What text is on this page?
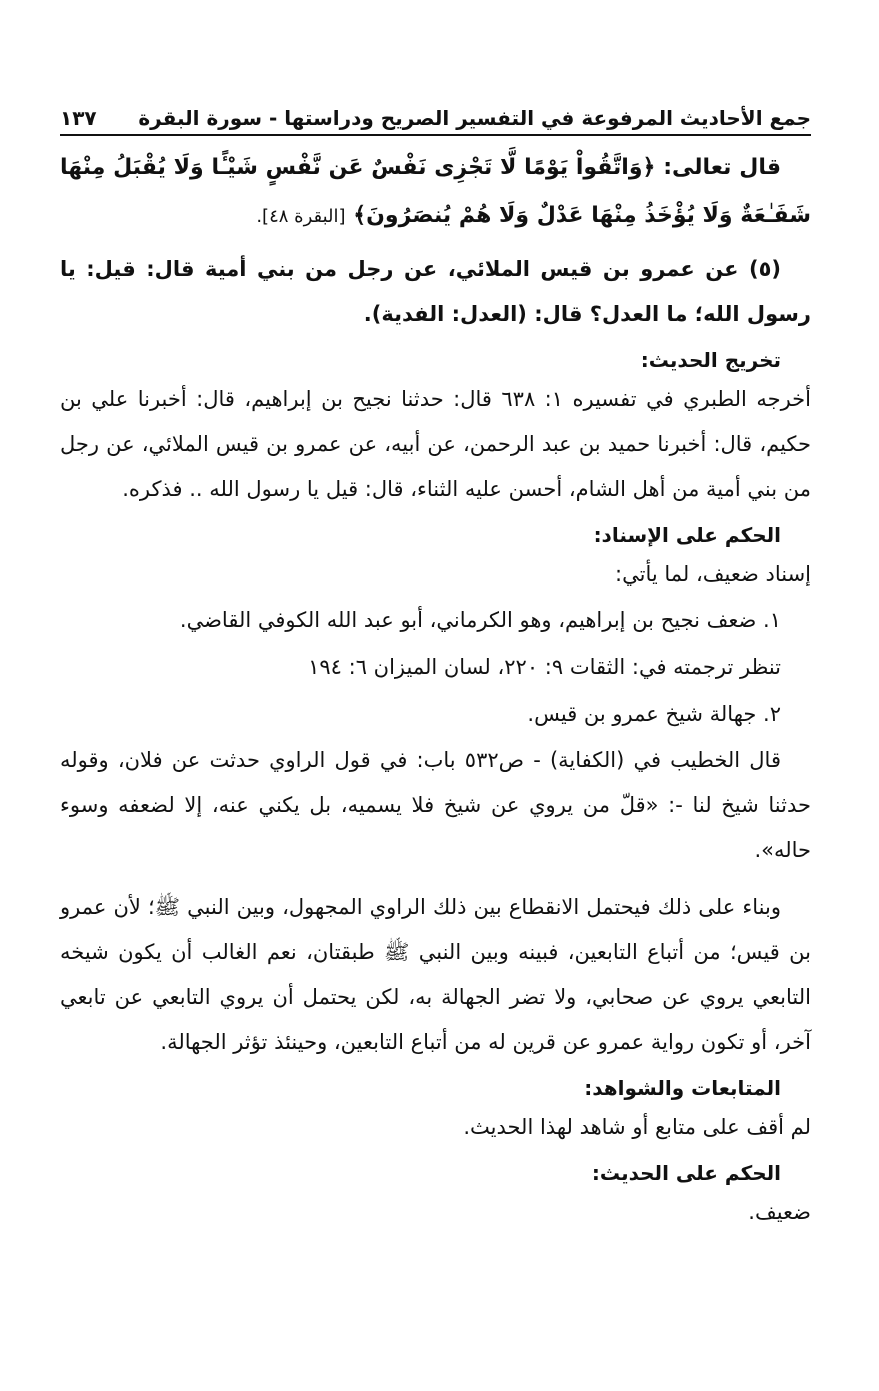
جمع الأحاديث المرفوعة في التفسير الصريح ودراستها - سورة البقرة
١٣٧

قال تعالى: ﴿وَاتَّقُواْ يَوْمًا لَّا تَجْزِى نَفْسٌ عَن نَّفْسٍ شَيْـًٔا وَلَا يُقْبَلُ مِنْهَا شَفَـٰعَةٌ وَلَا يُؤْخَذُ مِنْهَا عَدْلٌ وَلَا هُمْ يُنصَرُونَ﴾ [البقرة ٤٨].

(٥) عن عمرو بن قيس الملائي، عن رجل من بني أمية قال: قيل: يا رسول الله؛ ما العدل؟ قال: (العدل: الفدية).

تخريج الحديث:

أخرجه الطبري في تفسيره ١: ٦٣٨ قال: حدثنا نجيح بن إبراهيم، قال: أخبرنا علي بن حكيم، قال: أخبرنا حميد بن عبد الرحمن، عن أبيه، عن عمرو بن قيس الملائي، عن رجل من بني أمية من أهل الشام، أحسن عليه الثناء، قال: قيل يا رسول الله .. فذكره.

الحكم على الإسناد:

إسناد ضعيف، لما يأتي:

١. ضعف نجيح بن إبراهيم، وهو الكرماني، أبو عبد الله الكوفي القاضي.

تنظر ترجمته في: الثقات ٩: ٢٢٠، لسان الميزان ٦: ١٩٤

٢. جهالة شيخ عمرو بن قيس.

قال الخطيب في (الكفاية) - ص٥٣٢ باب: في قول الراوي حدثت عن فلان، وقوله حدثنا شيخ لنا -: «قلّ من يروي عن شيخ فلا يسميه، بل يكني عنه، إلا لضعفه وسوء حاله».

وبناء على ذلك فيحتمل الانقطاع بين ذلك الراوي المجهول، وبين النبي ﷺ؛ لأن عمرو بن قيس؛ من أتباع التابعين، فبينه وبين النبي ﷺ طبقتان، نعم الغالب أن يكون شيخه التابعي يروي عن صحابي، ولا تضر الجهالة به، لكن يحتمل أن يروي التابعي عن تابعي آخر، أو تكون رواية عمرو عن قرين له من أتباع التابعين، وحينئذ تؤثر الجهالة.

المتابعات والشواهد:

لم أقف على متابع أو شاهد لهذا الحديث.

الحكم على الحديث:

ضعيف.
